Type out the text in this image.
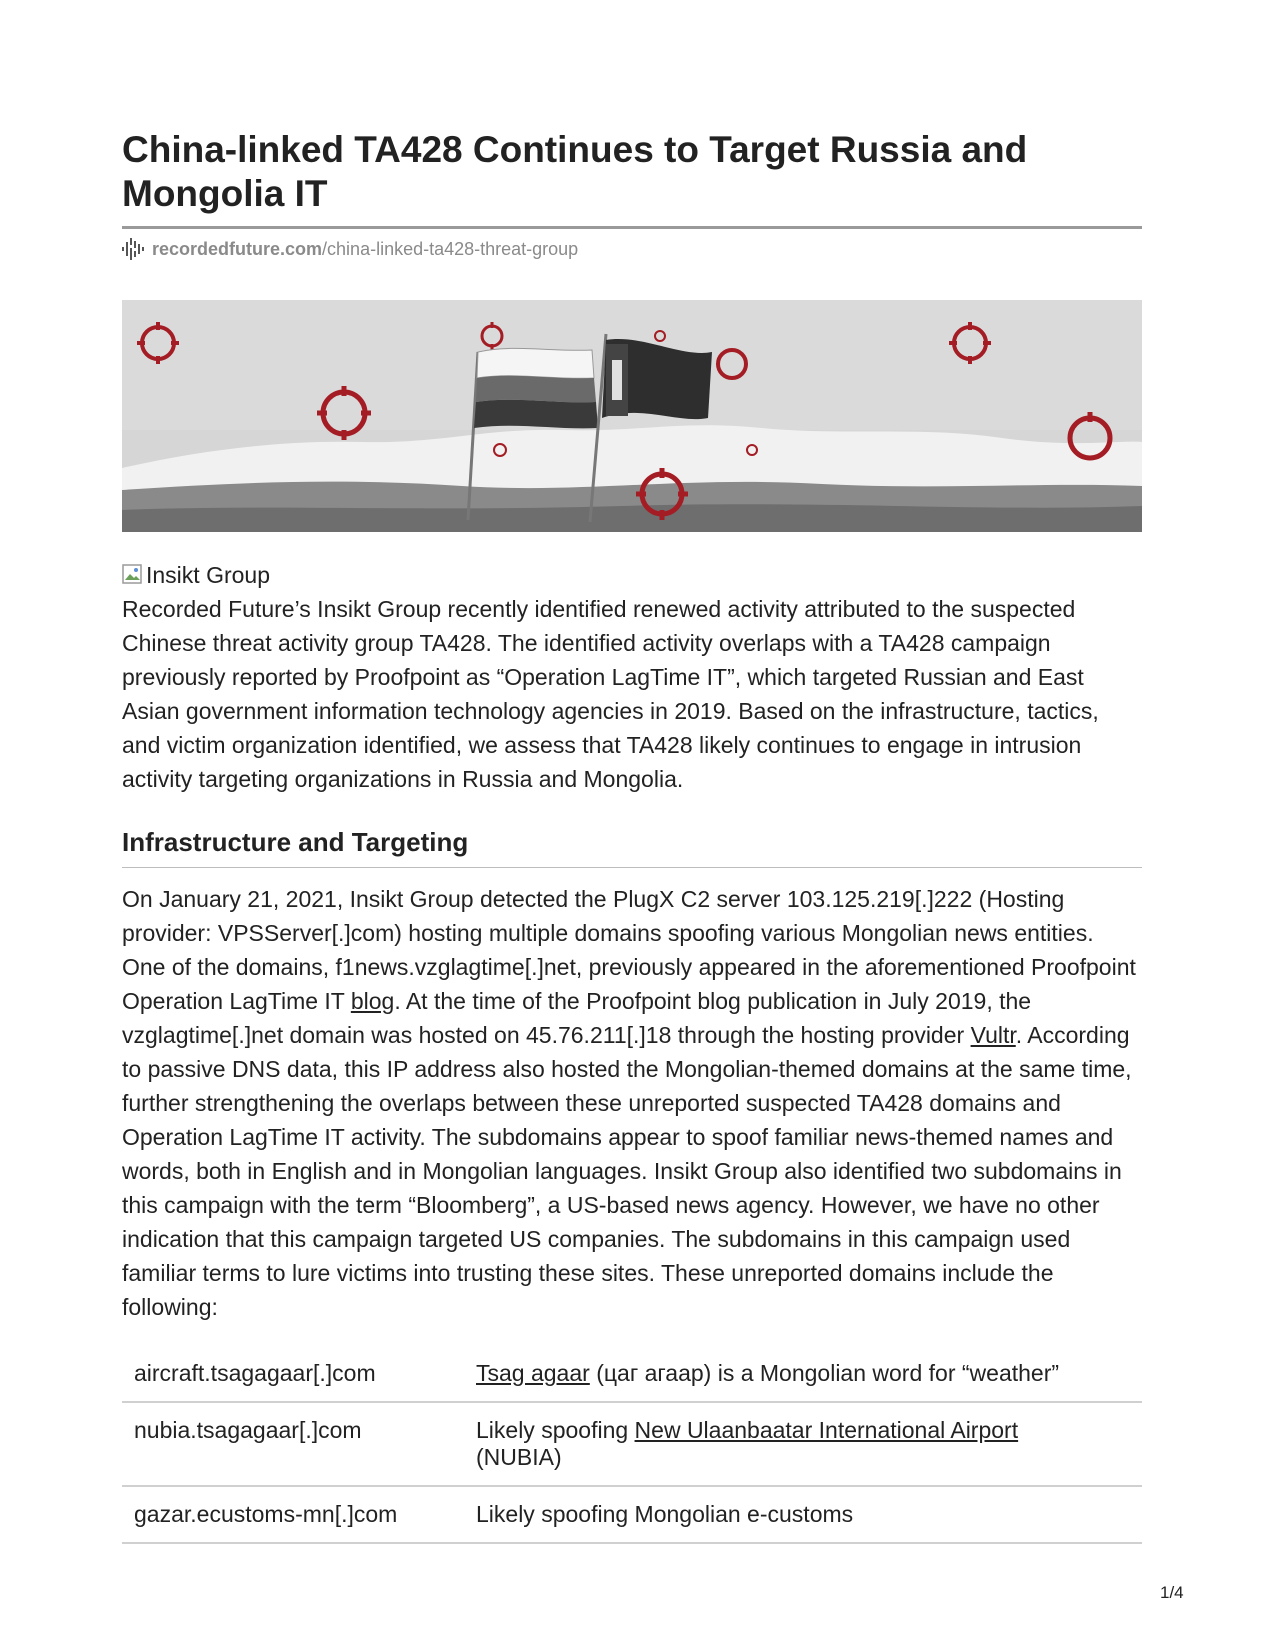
China-linked TA428 Continues to Target Russia and Mongolia IT
recordedfuture.com /china-linked-ta428-threat-group
Insikt Group

Recorded Future’s Insikt Group recently identified renewed activity attributed to the suspected Chinese threat activity group TA428. The identified activity overlaps with a TA428 campaign previously reported by Proofpoint as “Operation LagTime IT”, which targeted Russian and East Asian government information technology agencies in 2019. Based on the infrastructure, tactics, and victim organization identified, we assess that TA428 likely continues to engage in intrusion activity targeting organizations in Russia and Mongolia.

Infrastructure and Targeting

On January 21, 2021, Insikt Group detected the PlugX C2 server 103.125.219[.]222 (Hosting provider: VPSServer[.]com) hosting multiple domains spoofing various Mongolian news entities. One of the domains, f1news.vzglagtime[.]net, previously appeared in the aforementioned Proofpoint Operation LagTime IT blog. At the time of the Proofpoint blog publication in July 2019, the vzglagtime[.]net domain was hosted on 45.76.211[.]18 through the hosting provider Vultr. According to passive DNS data, this IP address also hosted the Mongolian-themed domains at the same time, further strengthening the overlaps between these unreported suspected TA428 domains and Operation LagTime IT activity. The subdomains appear to spoof familiar news-themed names and words, both in English and in Mongolian languages. Insikt Group also identified two subdomains in this campaign with the term “Bloomberg”, a US-based news agency. However, we have no other indication that this campaign targeted US companies. The subdomains in this campaign used familiar terms to lure victims into trusting these sites. These unreported domains include the following:

aircraft.tsagagaar[.]com	Tsag agaar (цаг агаар) is a Mongolian word for “weather”
nubia.tsagagaar[.]com	Likely spoofing New Ulaanbaatar International Airport
(NUBIA)
gazar.ecustoms-mn[.]com	Likely spoofing Mongolian e-customs
1/4
